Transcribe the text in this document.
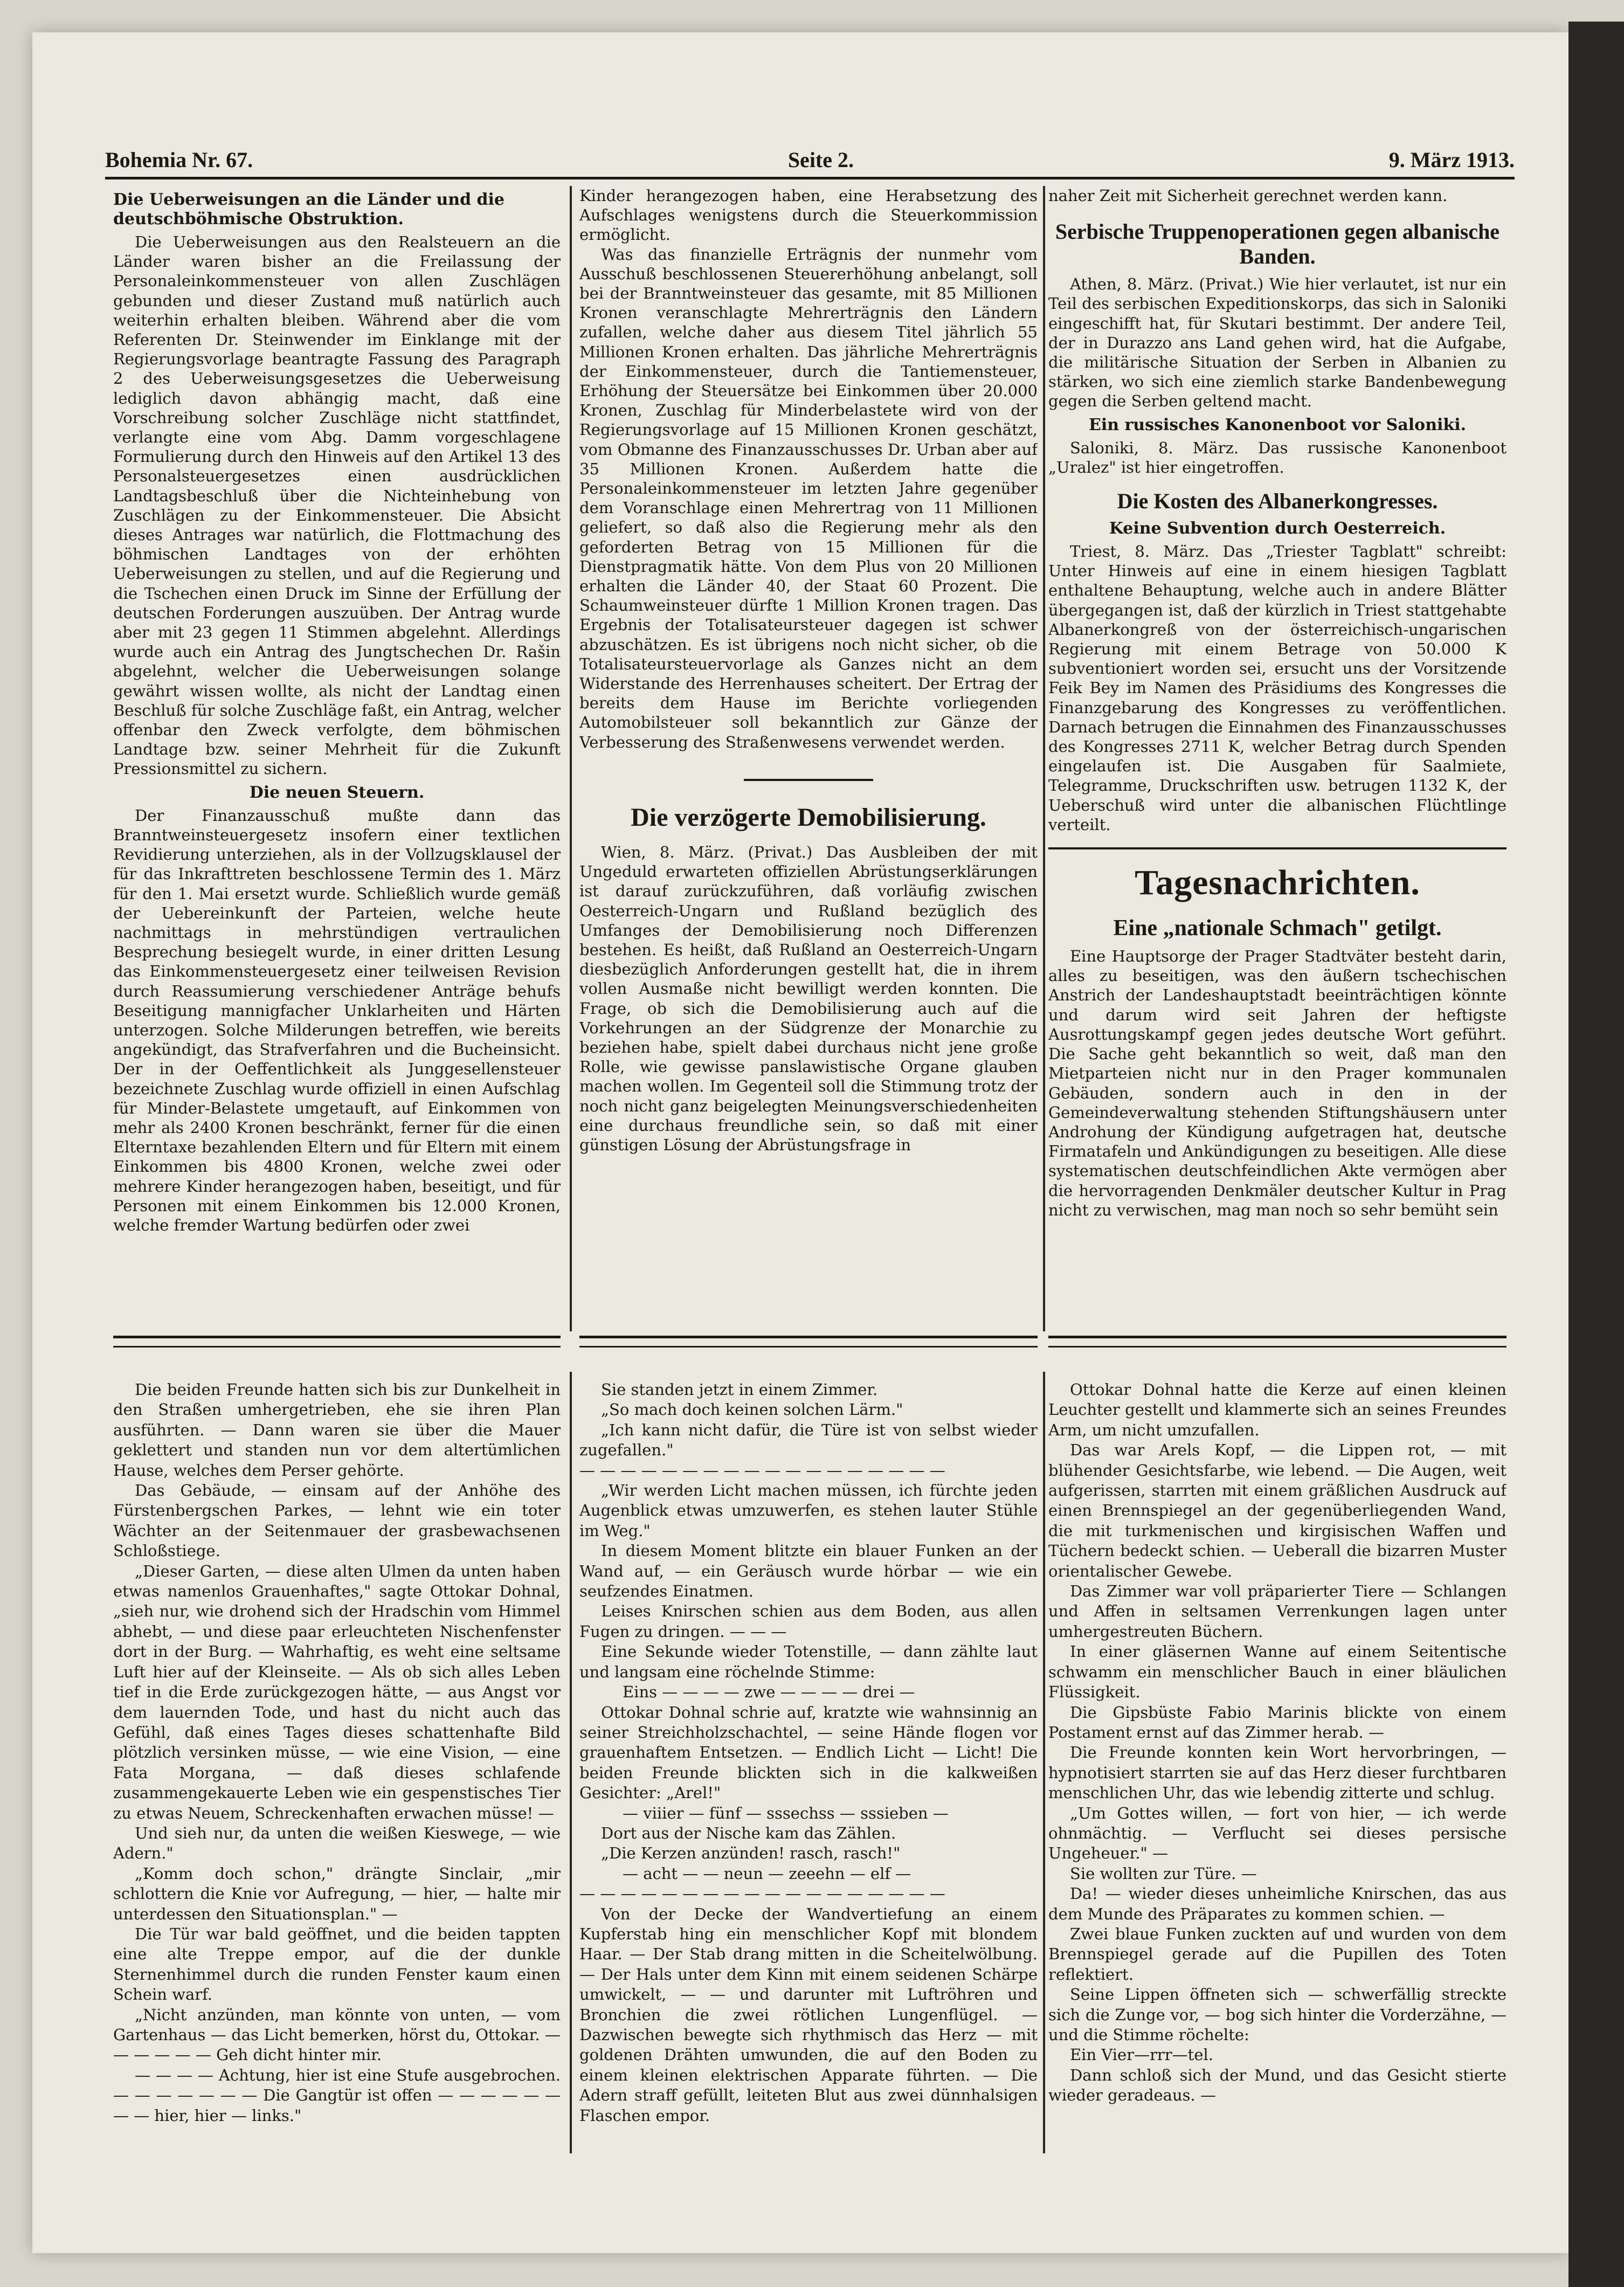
Bohemia Nr. 67.	Seite 2.	9. März 1913.
Die Ueberweisungen an die Länder und die deutschböhmische Obstruktion.

Die Ueberweisungen aus den Realsteuern an die Länder waren bisher an die Freilassung der Personaleinkommensteuer von allen Zuschlägen gebunden und dieser Zustand muß natürlich auch weiterhin erhalten bleiben. Während aber die vom Referenten Dr. Steinwender im Einklange mit der Regierungsvorlage beantragte Fassung des Paragraph 2 des Ueberweisungsgesetzes die Ueberweisung lediglich davon abhängig macht, daß eine Vorschreibung solcher Zuschläge nicht stattfindet, verlangte eine vom Abg. Damm vorgeschlagene Formulierung durch den Hinweis auf den Artikel 13 des Personalsteuergesetzes einen ausdrücklichen Landtagsbeschluß über die Nichteinhebung von Zuschlägen zu der Einkommensteuer. Die Absicht dieses Antrages war natürlich, die Flottmachung des böhmischen Landtages von der erhöhten Ueberweisungen zu stellen, und auf die Regierung und die Tschechen einen Druck im Sinne der Erfüllung der deutschen Forderungen auszuüben. Der Antrag wurde aber mit 23 gegen 11 Stimmen abgelehnt. Allerdings wurde auch ein Antrag des Jungtschechen Dr. Rašin abgelehnt, welcher die Ueberweisungen solange gewährt wissen wollte, als nicht der Landtag einen Beschluß für solche Zuschläge faßt, ein Antrag, welcher offenbar den Zweck verfolgte, dem böhmischen Landtage bzw. seiner Mehrheit für die Zukunft Pressionsmittel zu sichern.

Die neuen Steuern.

Der Finanzausschuß mußte dann das Branntweinsteuergesetz insofern einer textlichen Revidierung unterziehen, als in der Vollzugsklausel der für das Inkrafttreten beschlossene Termin des 1. März für den 1. Mai ersetzt wurde. Schließlich wurde gemäß der Uebereinkunft der Parteien, welche heute nachmittags in mehrstündigen vertraulichen Besprechung besiegelt wurde, in einer dritten Lesung das Einkommensteuergesetz einer teilweisen Revision durch Reassumierung verschiedener Anträge behufs Beseitigung mannigfacher Unklarheiten und Härten unterzogen. Solche Milderungen betreffen, wie bereits angekündigt, das Strafverfahren und die Bucheinsicht. Der in der Oeffentlichkeit als Junggesellensteuer bezeichnete Zuschlag wurde offiziell in einen Aufschlag für Minder-Belastete umgetauft, auf Einkommen von mehr als 2400 Kronen beschränkt, ferner für die einen Elterntaxe bezahlenden Eltern und für Eltern mit einem Einkommen bis 4800 Kronen, welche zwei oder mehrere Kinder herangezogen haben, beseitigt, und für Personen mit einem Einkommen bis 12.000 Kronen, welche fremder Wartung bedürfen oder zwei

Kinder herangezogen haben, eine Herabsetzung des Aufschlages wenigstens durch die Steuerkommission ermöglicht.

Was das finanzielle Erträgnis der nunmehr vom Ausschuß beschlossenen Steuererhöhung anbelangt, soll bei der Branntweinsteuer das gesamte, mit 85 Millionen Kronen veranschlagte Mehrerträgnis den Ländern zufallen, welche daher aus diesem Titel jährlich 55 Millionen Kronen erhalten. Das jährliche Mehrerträgnis der Einkommensteuer, durch die Tantiemensteuer, Erhöhung der Steuersätze bei Einkommen über 20.000 Kronen, Zuschlag für Minderbelastete wird von der Regierungsvorlage auf 15 Millionen Kronen geschätzt, vom Obmanne des Finanzausschusses Dr. Urban aber auf 35 Millionen Kronen. Außerdem hatte die Personaleinkommensteuer im letzten Jahre gegenüber dem Voranschlage einen Mehrertrag von 11 Millionen geliefert, so daß also die Regierung mehr als den geforderten Betrag von 15 Millionen für die Dienstpragmatik hätte. Von dem Plus von 20 Millionen erhalten die Länder 40, der Staat 60 Prozent. Die Schaumweinsteuer dürfte 1 Million Kronen tragen. Das Ergebnis der Totalisateursteuer dagegen ist schwer abzuschätzen. Es ist übrigens noch nicht sicher, ob die Totalisateursteuervorlage als Ganzes nicht an dem Widerstande des Herrenhauses scheitert. Der Ertrag der bereits dem Hause im Berichte vorliegenden Automobilsteuer soll bekanntlich zur Gänze der Verbesserung des Straßenwesens verwendet werden.

Die verzögerte Demobilisierung.

Wien, 8. März. (Privat.) Das Ausbleiben der mit Ungeduld erwarteten offiziellen Abrüstungserklärungen ist darauf zurückzuführen, daß vorläufig zwischen Oesterreich-Ungarn und Rußland bezüglich des Umfanges der Demobilisierung noch Differenzen bestehen. Es heißt, daß Rußland an Oesterreich-Ungarn diesbezüglich Anforderungen gestellt hat, die in ihrem vollen Ausmaße nicht bewilligt werden konnten. Die Frage, ob sich die Demobilisierung auch auf die Vorkehrungen an der Südgrenze der Monarchie zu beziehen habe, spielt dabei durchaus nicht jene große Rolle, wie gewisse panslawistische Organe glauben machen wollen. Im Gegenteil soll die Stimmung trotz der noch nicht ganz beigelegten Meinungsverschiedenheiten eine durchaus freundliche sein, so daß mit einer günstigen Lösung der Abrüstungsfrage in

naher Zeit mit Sicherheit gerechnet werden kann.

Serbische Truppenoperationen gegen albanische Banden.

Athen, 8. März. (Privat.) Wie hier verlautet, ist nur ein Teil des serbischen Expeditionskorps, das sich in Saloniki eingeschifft hat, für Skutari bestimmt. Der andere Teil, der in Durazzo ans Land gehen wird, hat die Aufgabe, die militärische Situation der Serben in Albanien zu stärken, wo sich eine ziemlich starke Bandenbewegung gegen die Serben geltend macht.

Ein russisches Kanonenboot vor Saloniki.

Saloniki, 8. März. Das russische Kanonenboot „Uralez" ist hier eingetroffen.

Die Kosten des Albanerkongresses.
Keine Subvention durch Oesterreich.

Triest, 8. März. Das „Triester Tagblatt" schreibt: Unter Hinweis auf eine in einem hiesigen Tagblatt enthaltene Behauptung, welche auch in andere Blätter übergegangen ist, daß der kürzlich in Triest stattgehabte Albanerkongreß von der österreichisch-ungarischen Regierung mit einem Betrage von 50.000 K subventioniert worden sei, ersucht uns der Vorsitzende Feik Bey im Namen des Präsidiums des Kongresses die Finanzgebarung des Kongresses zu veröffentlichen. Darnach betrugen die Einnahmen des Finanzausschusses des Kongresses 2711 K, welcher Betrag durch Spenden eingelaufen ist. Die Ausgaben für Saalmiete, Telegramme, Druckschriften usw. betrugen 1132 K, der Ueberschuß wird unter die albanischen Flüchtlinge verteilt.

Tagesnachrichten.
Eine „nationale Schmach" getilgt.

Eine Hauptsorge der Prager Stadtväter besteht darin, alles zu beseitigen, was den äußern tschechischen Anstrich der Landeshauptstadt beeinträchtigen könnte und darum wird seit Jahren der heftigste Ausrottungskampf gegen jedes deutsche Wort geführt. Die Sache geht bekanntlich so weit, daß man den Mietparteien nicht nur in den Prager kommunalen Gebäuden, sondern auch in den in der Gemeindeverwaltung stehenden Stiftungshäusern unter Androhung der Kündigung aufgetragen hat, deutsche Firmatafeln und Ankündigungen zu beseitigen. Alle diese systematischen deutschfeindlichen Akte vermögen aber die hervorragenden Denkmäler deutscher Kultur in Prag nicht zu verwischen, mag man noch so sehr bemüht sein

Die beiden Freunde hatten sich bis zur Dunkelheit in den Straßen umhergetrieben, ehe sie ihren Plan ausführten. — Dann waren sie über die Mauer geklettert und standen nun vor dem altertümlichen Hause, welches dem Perser gehörte.

Das Gebäude, — einsam auf der Anhöhe des Fürstenbergschen Parkes, — lehnt wie ein toter Wächter an der Seitenmauer der grasbewachsenen Schloßstiege.

„Dieser Garten, — diese alten Ulmen da unten haben etwas namenlos Grauenhaftes," sagte Ottokar Dohnal, „sieh nur, wie drohend sich der Hradschin vom Himmel abhebt, — und diese paar erleuchteten Nischenfenster dort in der Burg. — Wahrhaftig, es weht eine seltsame Luft hier auf der Kleinseite. — Als ob sich alles Leben tief in die Erde zurückgezogen hätte, — aus Angst vor dem lauernden Tode, und hast du nicht auch das Gefühl, daß eines Tages dieses schattenhafte Bild plötzlich versinken müsse, — wie eine Vision, — eine Fata Morgana, — daß dieses schlafende zusammengekauerte Leben wie ein gespenstisches Tier zu etwas Neuem, Schreckenhaften erwachen müsse! —

Und sieh nur, da unten die weißen Kieswege, — wie Adern."

„Komm doch schon," drängte Sinclair, „mir schlottern die Knie vor Aufregung, — hier, — halte mir unterdessen den Situationsplan." —

Die Tür war bald geöffnet, und die beiden tappten eine alte Treppe empor, auf die der dunkle Sternenhimmel durch die runden Fenster kaum einen Schein warf.

„Nicht anzünden, man könnte von unten, — vom Gartenhaus — das Licht bemerken, hörst du, Ottokar. — — — — — — Geh dicht hinter mir.

— — — — Achtung, hier ist eine Stufe ausgebrochen. — — — — — — — Die Gangtür ist offen — — — — — — — — hier, hier — links."

Sie standen jetzt in einem Zimmer.

„So mach doch keinen solchen Lärm."

„Ich kann nicht dafür, die Türe ist von selbst wieder zugefallen."

— — — — — — — — — — — — — — — — — —

„Wir werden Licht machen müssen, ich fürchte jeden Augenblick etwas umzuwerfen, es stehen lauter Stühle im Weg."

In diesem Moment blitzte ein blauer Funken an der Wand auf, — ein Geräusch wurde hörbar — wie ein seufzendes Einatmen.

Leises Knirschen schien aus dem Boden, aus allen Fugen zu dringen. — — —

Eine Sekunde wieder Totenstille, — dann zählte laut und langsam eine röchelnde Stimme:

Eins — — — — zwe — — — — drei —

Ottokar Dohnal schrie auf, kratzte wie wahnsinnig an seiner Streichholzschachtel, — seine Hände flogen vor grauenhaftem Entsetzen. — Endlich Licht — Licht! Die beiden Freunde blickten sich in die kalkweißen Gesichter: „Arel!"

— viiier — fünf — sssechss — sssieben —

Dort aus der Nische kam das Zählen.

„Die Kerzen anzünden! rasch, rasch!"

— acht — — neun — zeeehn — elf —

— — — — — — — — — — — — — — — — — —

Von der Decke der Wandvertiefung an einem Kupferstab hing ein menschlicher Kopf mit blondem Haar. — Der Stab drang mitten in die Scheitelwölbung. — Der Hals unter dem Kinn mit einem seidenen Schärpe umwickelt, — — und darunter mit Luftröhren und Bronchien die zwei rötlichen Lungenflügel. — Dazwischen bewegte sich rhythmisch das Herz — mit goldenen Drähten umwunden, die auf den Boden zu einem kleinen elektrischen Apparate führten. — Die Adern straff gefüllt, leiteten Blut aus zwei dünnhalsigen Flaschen empor.

Ottokar Dohnal hatte die Kerze auf einen kleinen Leuchter gestellt und klammerte sich an seines Freundes Arm, um nicht umzufallen.

Das war Arels Kopf, — die Lippen rot, — mit blühender Gesichtsfarbe, wie lebend. — Die Augen, weit aufgerissen, starrten mit einem gräßlichen Ausdruck auf einen Brennspiegel an der gegenüberliegenden Wand, die mit turkmenischen und kirgisischen Waffen und Tüchern bedeckt schien. — Ueberall die bizarren Muster orientalischer Gewebe.

Das Zimmer war voll präparierter Tiere — Schlangen und Affen in seltsamen Verrenkungen lagen unter umhergestreuten Büchern.

In einer gläsernen Wanne auf einem Seitentische schwamm ein menschlicher Bauch in einer bläulichen Flüssigkeit.

Die Gipsbüste Fabio Marinis blickte von einem Postament ernst auf das Zimmer herab. —

Die Freunde konnten kein Wort hervorbringen, — hypnotisiert starrten sie auf das Herz dieser furchtbaren menschlichen Uhr, das wie lebendig zitterte und schlug.

„Um Gottes willen, — fort von hier, — ich werde ohnmächtig. — Verflucht sei dieses persische Ungeheuer." —

Sie wollten zur Türe. —

Da! — wieder dieses unheimliche Knirschen, das aus dem Munde des Präparates zu kommen schien. —

Zwei blaue Funken zuckten auf und wurden von dem Brennspiegel gerade auf die Pupillen des Toten reflektiert.

Seine Lippen öffneten sich — schwerfällig streckte sich die Zunge vor, — bog sich hinter die Vorderzähne, — und die Stimme röchelte:

Ein Vier—rrr—tel.

Dann schloß sich der Mund, und das Gesicht stierte wieder geradeaus. —
